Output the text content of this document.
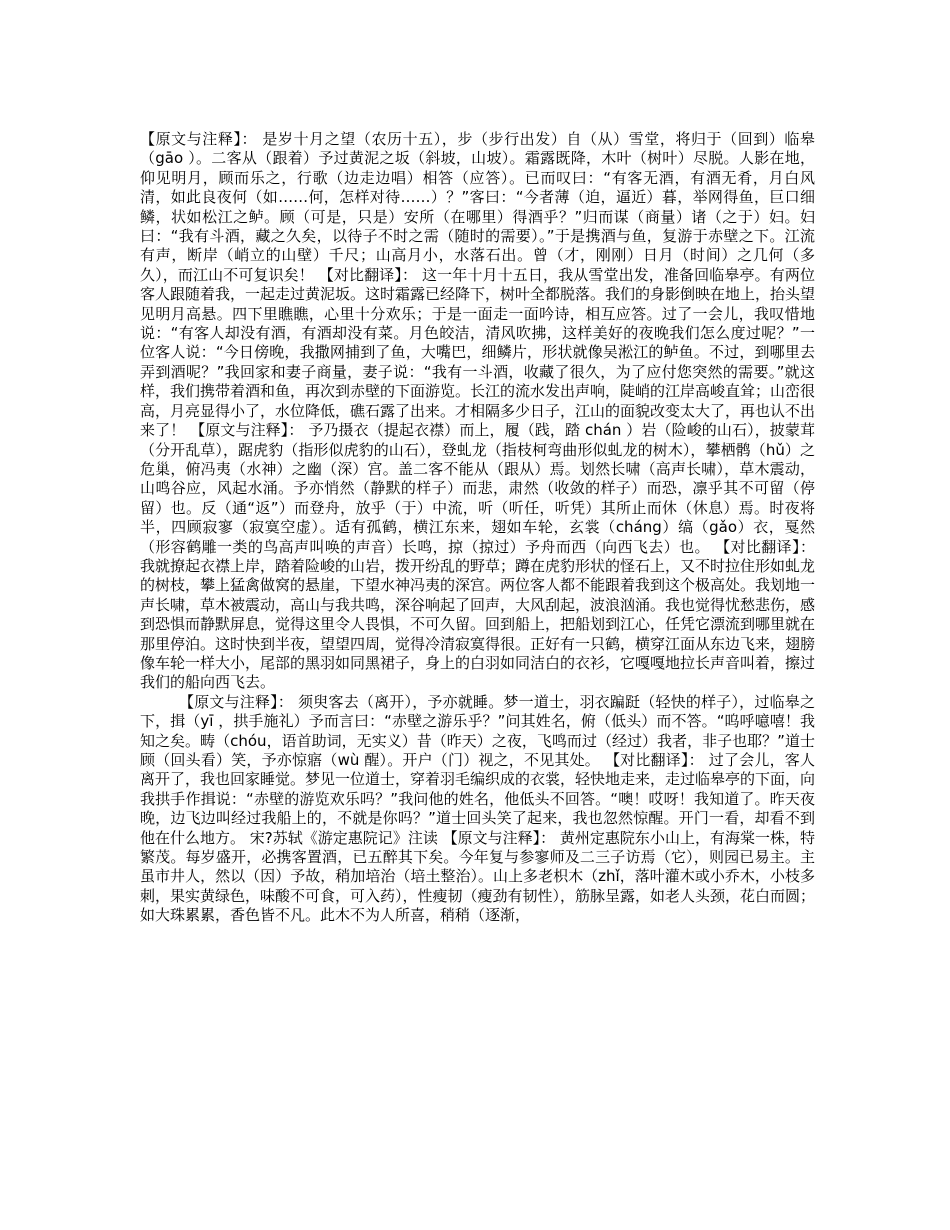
【原文与注释】： 是岁十月之望（农历十五），步（步行出发）自（从）雪堂，将归于（回到）临皋（gāo ）。二客从（跟着）予过黄泥之坂（斜坡，山坡）。霜露既降，木叶（树叶）尽脱。人影在地，仰见明月，顾而乐之，行歌（边走边唱）相答（应答）。已而叹曰：“有客无酒，有酒无肴，月白风清，如此良夜何（如……何，怎样对待……）？”客曰：“今者薄（迫，逼近）暮，举网得鱼，巨口细鳞，状如松江之鲈。顾（可是，只是）安所（在哪里）得酒乎？”归而谋（商量）诸（之于）妇。妇曰：“我有斗酒，藏之久矣，以待子不时之需（随时的需要）。”于是携酒与鱼，复游于赤壁之下。江流有声，断岸（峭立的山壁）千尺；山高月小，水落石出。曾（才，刚刚）日月（时间）之几何（多久），而江山不可复识矣！ 【对比翻译】： 这一年十月十五日，我从雪堂出发，准备回临皋亭。有两位客人跟随着我，一起走过黄泥坂。这时霜露已经降下，树叶全都脱落。我们的身影倒映在地上，抬头望见明月高悬。四下里瞧瞧，心里十分欢乐；于是一面走一面吟诗，相互应答。过了一会儿，我叹惜地说：“有客人却没有酒，有酒却没有菜。月色皎洁，清风吹拂，这样美好的夜晚我们怎么度过呢？”一位客人说：“今日傍晚，我撒网捕到了鱼，大嘴巴，细鳞片，形状就像吴淞江的鲈鱼。不过，到哪里去弄到酒呢？”我回家和妻子商量，妻子说：“我有一斗酒，收藏了很久，为了应付您突然的需要。”就这样，我们携带着酒和鱼，再次到赤壁的下面游览。长江的流水发出声响，陡峭的江岸高峻直耸；山峦很高，月亮显得小了，水位降低，礁石露了出来。才相隔多少日子，江山的面貌改变太大了，再也认不出来了！ 【原文与注释】： 予乃摄衣（提起衣襟）而上，履（践，踏 chán ）岩（险峻的山石），披蒙茸（分开乱草），踞虎豹（指形似虎豹的山石），登虬龙（指枝柯弯曲形似虬龙的树木），攀栖鹘（hǔ）之危巢，俯冯夷（水神）之幽（深）宫。盖二客不能从（跟从）焉。划然长啸（高声长啸），草木震动，山鸣谷应，风起水涌。予亦悄然（静默的样子）而悲，肃然（收敛的样子）而恐，凛乎其不可留（停留）也。反（通“返”）而登舟，放乎（于）中流，听（听任，听凭）其所止而休（休息）焉。时夜将半，四顾寂寥（寂寞空虚）。适有孤鹤，横江东来，翅如车轮，玄裳（cháng）缟（gǎo）衣，戛然（形容鹤雕一类的鸟高声叫唤的声音）长鸣，掠（掠过）予舟而西（向西飞去）也。 【对比翻译】： 我就撩起衣襟上岸，踏着险峻的山岩，拨开纷乱的野草；蹲在虎豹形状的怪石上，又不时拉住形如虬龙的树枝，攀上猛禽做窝的悬崖，下望水神冯夷的深宫。两位客人都不能跟着我到这个极高处。我划地一声长啸，草木被震动，高山与我共鸣，深谷响起了回声，大风刮起，波浪汹涌。我也觉得忧愁悲伤，感到恐惧而静默屏息，觉得这里令人畏惧，不可久留。回到船上，把船划到江心，任凭它漂流到哪里就在那里停泊。这时快到半夜，望望四周，觉得冷清寂寞得很。正好有一只鹤，横穿江面从东边飞来，翅膀像车轮一样大小，尾部的黑羽如同黑裙子，身上的白羽如同洁白的衣衫，它嘎嘎地拉长声音叫着，擦过我们的船向西飞去。

【原文与注释】： 须臾客去（离开），予亦就睡。梦一道士，羽衣蹁跹（轻快的样子），过临皋之下，揖（yī ，拱手施礼）予而言曰：“赤壁之游乐乎？”问其姓名，俯（低头）而不答。“呜呼噫嘻！我知之矣。畴（chóu，语首助词，无实义）昔（昨天）之夜，飞鸣而过（经过）我者，非子也耶？”道士顾（回头看）笑，予亦惊寤（wù 醒）。开户（门）视之，不见其处。 【对比翻译】： 过了会儿，客人离开了，我也回家睡觉。梦见一位道士，穿着羽毛编织成的衣裳，轻快地走来，走过临皋亭的下面，向我拱手作揖说：“赤壁的游览欢乐吗？”我问他的姓名，他低头不回答。“噢！哎呀！我知道了。昨天夜晚，边飞边叫经过我船上的，不就是你吗？”道士回头笑了起来，我也忽然惊醒。开门一看，却看不到他在什么地方。 宋?苏轼《游定惠院记》注读 【原文与注释】： 黄州定惠院东小山上，有海棠一株，特繁茂。每岁盛开，必携客置酒，已五醉其下矣。今年复与参寥师及二三子访焉（它），则园已易主。主虽市井人，然以（因）予故，稍加培治（培土整治）。山上多老枳木（zhǐ，落叶灌木或小乔木，小枝多刺，果实黄绿色，味酸不可食，可入药），性瘦韧（瘦劲有韧性），筋脉呈露，如老人头颈，花白而圆；如大珠累累，香色皆不凡。此木不为人所喜，稍稍（逐渐，
